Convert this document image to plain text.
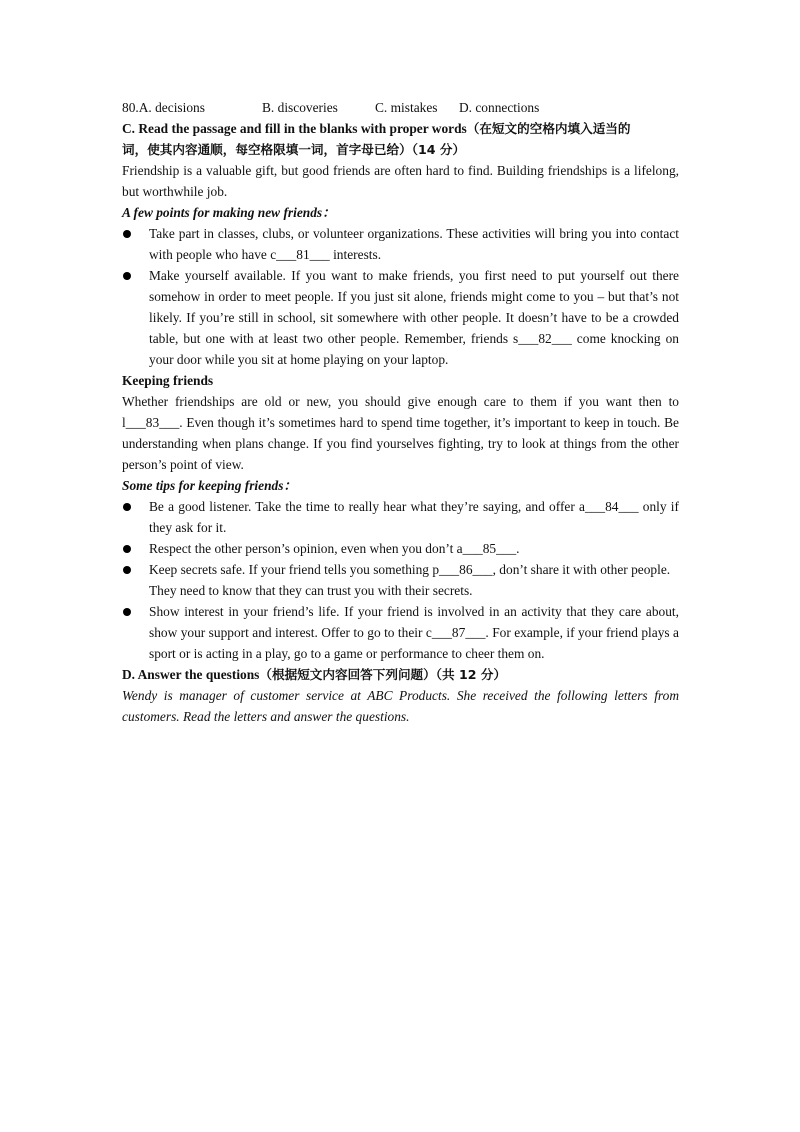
80.A. decisions	B. discoveries	C. mistakes D. connections
C. Read the passage and fill in the blanks with proper words（在短文的空格内填入适当的
词，使其内容通顺，每空格限填一词，首字母已给）（14 分）
Friendship is a valuable gift, but good friends are often hard to find. Building friendships is a lifelong, but worthwhile job.
A few points for making new friends：
Take part in classes, clubs, or volunteer organizations. These activities will bring you into contact with people who have c___81___ interests.
Make yourself available. If you want to make friends, you first need to put yourself out there somehow in order to meet people. If you just sit alone, friends might come to you – but that’s not likely. If you’re still in school, sit somewhere with other people. It doesn’t have to be a crowded table, but one with at least two other people. Remember, friends s___82___ come knocking on your door while you sit at home playing on your laptop.
Keeping friends
Whether friendships are old or new, you should give enough care to them if you want then to l___83___. Even though it’s sometimes hard to spend time together, it’s important to keep in touch. Be understanding when plans change. If you find yourselves fighting, try to look at things from the other person’s point of view.
Some tips for keeping friends：
Be a good listener. Take the time to really hear what they’re saying, and offer a___84___ only if they ask for it.
Respect the other person’s opinion, even when you don’t a___85___.
Keep secrets safe. If your friend tells you something p___86___, don’t share it with other people.
They need to know that they can trust you with their secrets.
Show interest in your friend’s life. If your friend is involved in an activity that they care about, show your support and interest. Offer to go to their c___87___. For example, if your friend plays a sport or is acting in a play, go to a game or performance to cheer them on.
D. Answer the questions（根据短文内容回答下列问题）（共 12 分）
Wendy is manager of customer service at ABC Products. She received the following letters from customers. Read the letters and answer the questions.
